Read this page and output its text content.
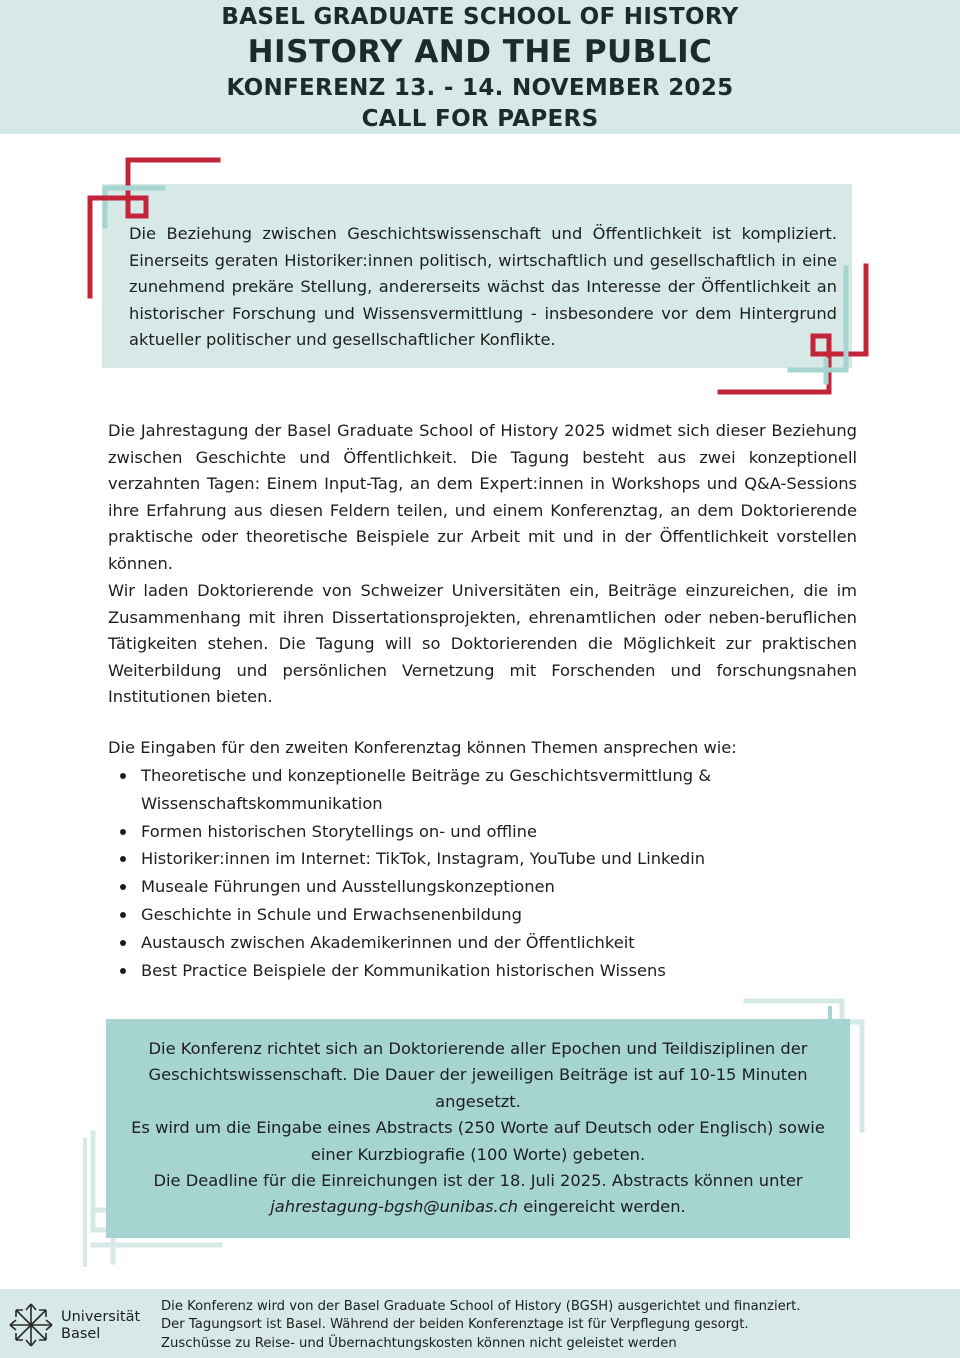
BASEL GRADUATE SCHOOL OF HISTORY
HISTORY AND THE PUBLIC
KONFERENZ 13. - 14. NOVEMBER 2025
CALL FOR PAPERS
Die Beziehung zwischen Geschichtswissenschaft und Öffentlichkeit ist kompliziert. Einerseits geraten Historiker:innen politisch, wirtschaftlich und gesellschaftlich in eine zunehmend prekäre Stellung, andererseits wächst das Interesse der Öffentlichkeit an historischer Forschung und Wissensvermittlung - insbesondere vor dem Hintergrund aktueller politischer und gesellschaftlicher Konflikte.

Die Jahrestagung der Basel Graduate School of History 2025 widmet sich dieser Beziehung zwischen Geschichte und Öffentlichkeit. Die Tagung besteht aus zwei konzeptionell verzahnten Tagen: Einem Input-Tag, an dem Expert:innen in Workshops und Q&A-Sessions ihre Erfahrung aus diesen Feldern teilen, und einem Konferenztag, an dem Doktorierende praktische oder theoretische Beispiele zur Arbeit mit und in der Öffentlichkeit vorstellen können.

Wir laden Doktorierende von Schweizer Universitäten ein, Beiträge einzureichen, die im Zusammenhang mit ihren Dissertationsprojekten, ehrenamtlichen oder neben-beruflichen Tätigkeiten stehen. Die Tagung will so Doktorierenden die Möglichkeit zur praktischen Weiterbildung und persönlichen Vernetzung mit Forschenden und forschungsnahen Institutionen bieten.

Die Eingaben für den zweiten Konferenztag können Themen ansprechen wie:
Theoretische und konzeptionelle Beiträge zu Geschichtsvermittlung & Wissenschaftskommunikation
Formen historischen Storytellings on- und offline
Historiker:innen im Internet: TikTok, Instagram, YouTube und Linkedin
Museale Führungen und Ausstellungskonzeptionen
Geschichte in Schule und Erwachsenenbildung
Austausch zwischen Akademikerinnen und der Öffentlichkeit
Best Practice Beispiele der Kommunikation historischen Wissens
Die Konferenz richtet sich an Doktorierende aller Epochen und Teildisziplinen der Geschichtswissenschaft. Die Dauer der jeweiligen Beiträge ist auf 10-15 Minuten angesetzt.
Es wird um die Eingabe eines Abstracts (250 Worte auf Deutsch oder Englisch) sowie einer Kurzbiografie (100 Worte) gebeten.
Die Deadline für die Einreichungen ist der 18. Juli 2025. Abstracts können unter jahrestagung-bgsh@unibas.ch eingereicht werden.
Universität
Basel
Die Konferenz wird von der Basel Graduate School of History (BGSH) ausgerichtet und finanziert.
Der Tagungsort ist Basel. Während der beiden Konferenztage ist für Verpflegung gesorgt.
Zuschüsse zu Reise- und Übernachtungskosten können nicht geleistet werden
